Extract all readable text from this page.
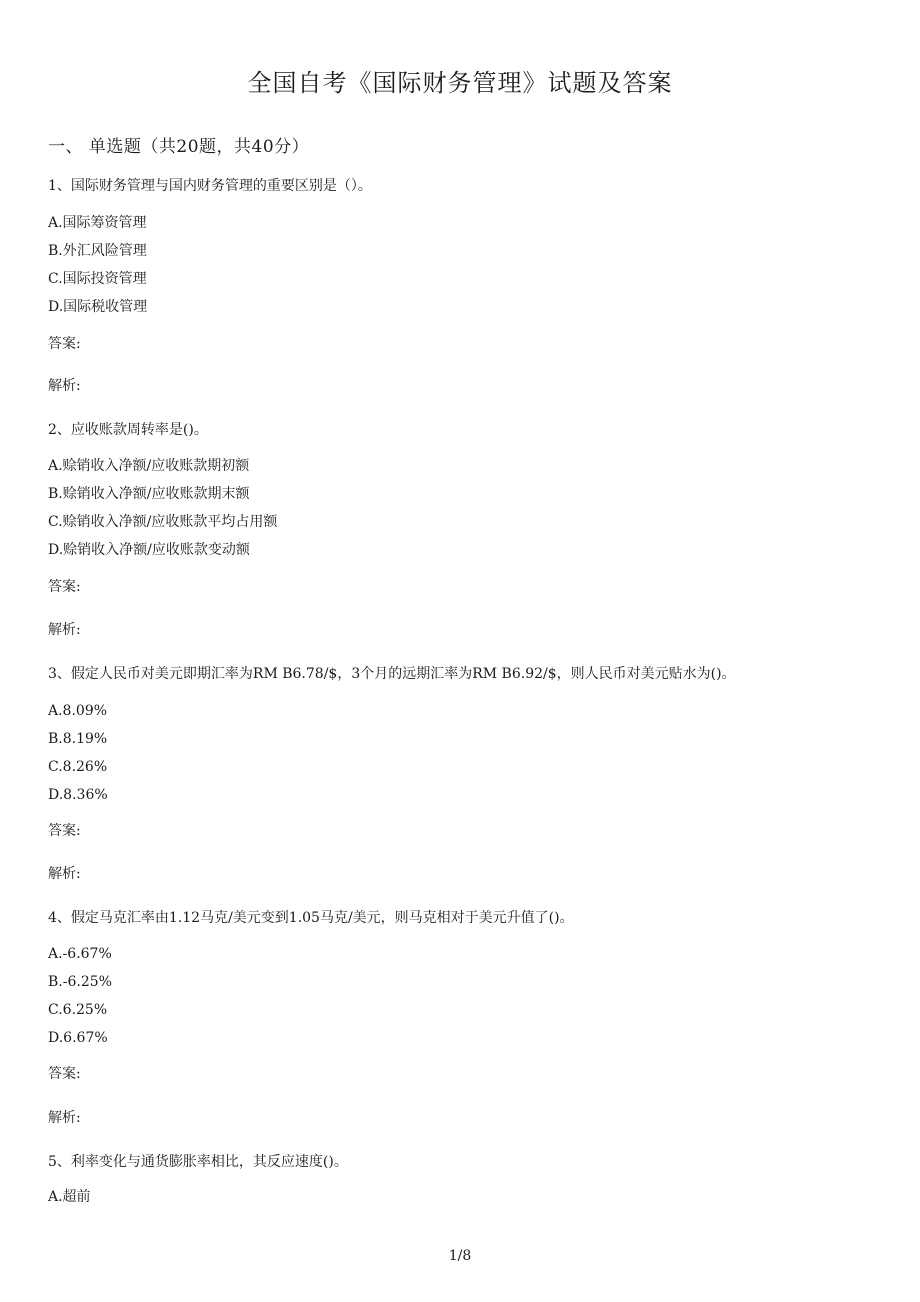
全国自考《国际财务管理》试题及答案
一、 单选题（共20题，共40分）
1、国际财务管理与国内财务管理的重要区别是（）。
A.国际筹资管理
B.外汇风险管理
C.国际投资管理
D.国际税收管理
答案:
解析:
2、应收账款周转率是()。
A.赊销收入净额/应收账款期初额
B.赊销收入净额/应收账款期末额
C.赊销收入净额/应收账款平均占用额
D.赊销收入净额/应收账款变动额
答案:
解析:
3、假定人民币对美元即期汇率为RM B6.78/$，3个月的远期汇率为RM B6.92/$，则人民币对美元贴水为()。
A.8.09%
B.8.19%
C.8.26%
D.8.36%
答案:
解析:
4、假定马克汇率由1.12马克/美元变到1.05马克/美元，则马克相对于美元升值了()。
A.-6.67%
B.-6.25%
C.6.25%
D.6.67%
答案:
解析:
5、利率变化与通货膨胀率相比，其反应速度()。
A.超前
1/8
